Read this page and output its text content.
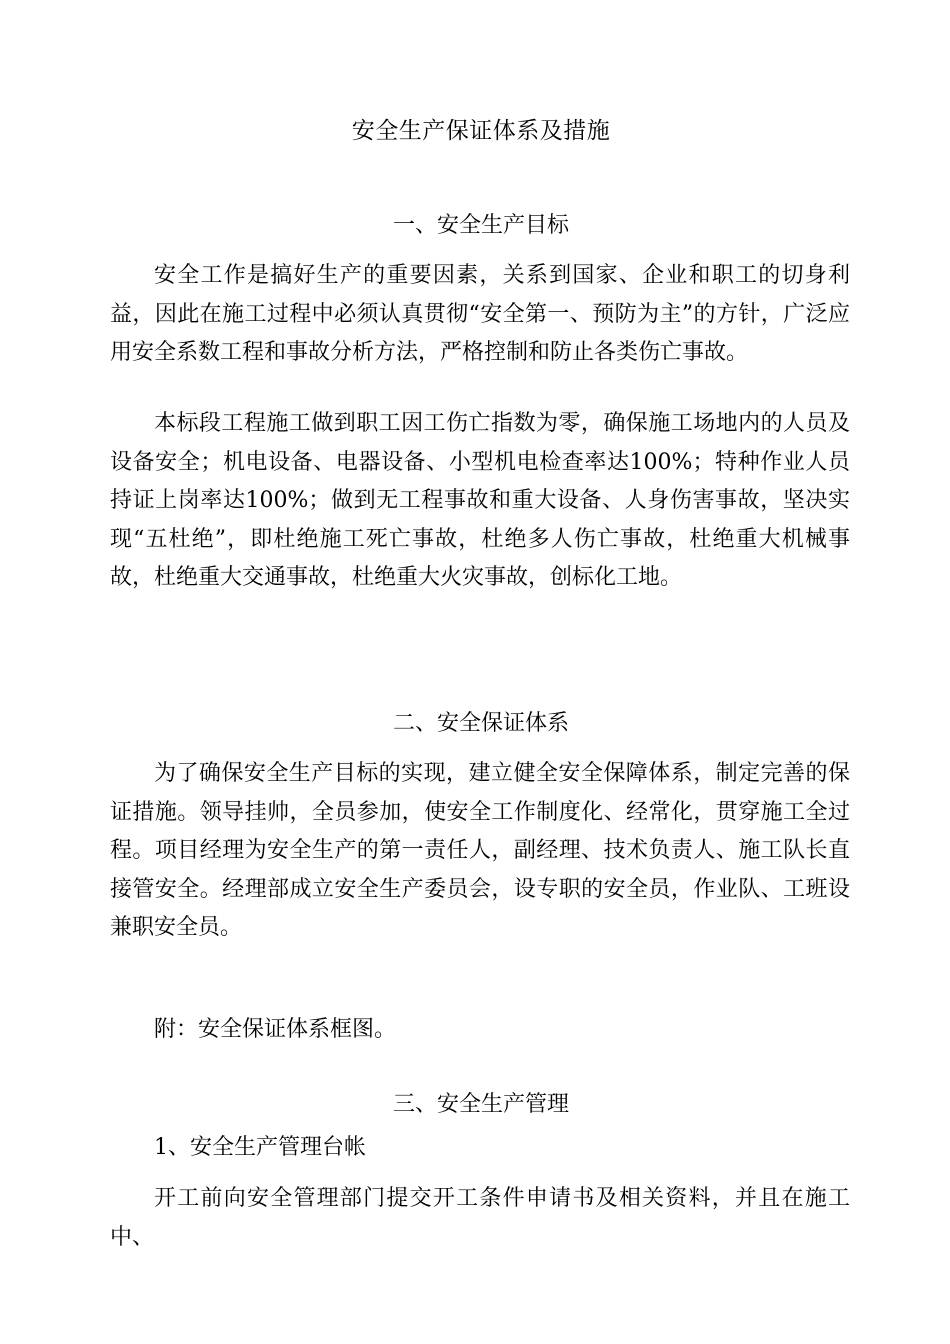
安全生产保证体系及措施
一、安全生产目标

安全工作是搞好生产的重要因素，关系到国家、企业和职工的切身利益，因此在施工过程中必须认真贯彻“安全第一、预防为主”的方针，广泛应用安全系数工程和事故分析方法，严格控制和防止各类伤亡事故。

本标段工程施工做到职工因工伤亡指数为零，确保施工场地内的人员及设备安全；机电设备、电器设备、小型机电检查率达100%；特种作业人员持证上岗率达100%；做到无工程事故和重大设备、人身伤害事故，坚决实现“五杜绝”，即杜绝施工死亡事故，杜绝多人伤亡事故，杜绝重大机械事故，杜绝重大交通事故，杜绝重大火灾事故，创标化工地。

二、安全保证体系

为了确保安全生产目标的实现，建立健全安全保障体系，制定完善的保证措施。领导挂帅，全员参加，使安全工作制度化、经常化，贯穿施工全过程。项目经理为安全生产的第一责任人，副经理、技术负责人、施工队长直接管安全。经理部成立安全生产委员会，设专职的安全员，作业队、工班设兼职安全员。

附：安全保证体系框图。

三、安全生产管理

1、安全生产管理台帐

开工前向安全管理部门提交开工条件申请书及相关资料，并且在施工中、
